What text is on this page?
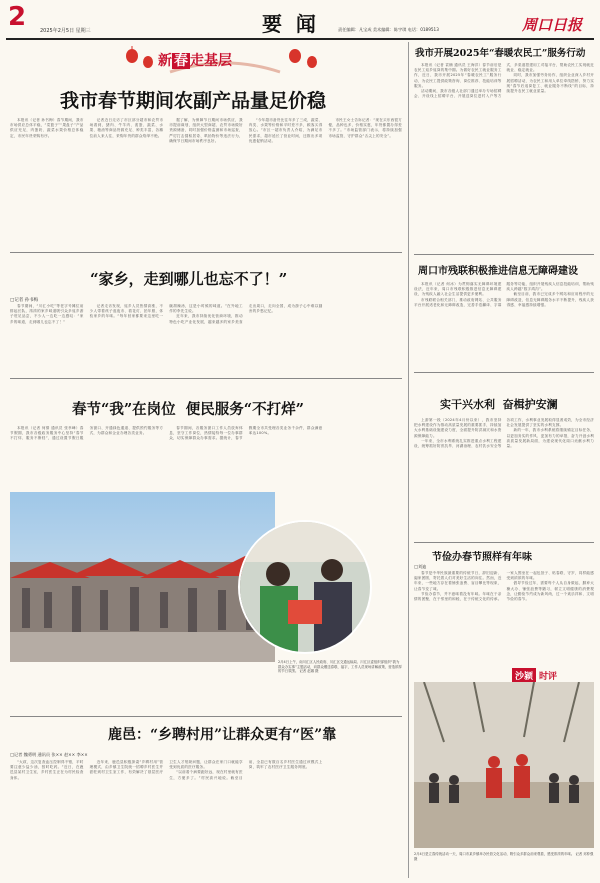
2	2025年2月5日 星期三	要  闻	责任编辑：凡宝成 美术编辑：陈宇琪 电话：0189513	周口日报
新 春 走基层
我市春节期间农副产品量足价稳

本报讯（记者 孙书梅）春节期间，我市市场供应总体平稳，“菜篮子”“果盘子”产品供应充足，肉蛋奶、蔬菜水果价格总体稳定，市民年货采购有序。

记者近日走访了市区部分超市和农贸市场看到，猪肉、牛羊肉、禽蛋、蔬菜、水果、粮油等商品货源充足、种类丰富，各摊位前人来人往，采购年货的群众络绎不绝。

据了解，为保障节日期间市场供应，我市提前谋划，组织大型商超、农贸市场做好货源储备，同时加强价格监测和市场巡查，严厉打击囤积居奇、哄抬物价等违法行为，确保节日期间市场秩序良好。

“今年超市备货比往年多了三成，蔬菜、肉类、水果等价格和平时差不多，顾客买得放心。”市区一超市负责人介绍，为满足市民需求，超市延长了营业时间，还推出多项优惠促销活动。

市民王女士告诉记者：“现在买东西很方便，品种也多，价格实惠，年货都置办得差不多了。”市场监管部门表示，将持续加强市场监管，守护群众“舌尖上的安全”。

“家乡，走到哪儿也忘不了！”
□记者 孙书梅

春节期间，“川汇小吃”等老字号摊位前排起长队，浓浓的家乡味道吸引众多返乡游子驻足品尝，不少人一边吃一边感叹：“家乡的味道，走到哪儿也忘不了！”

记者走访发现，返乡人员热情高涨，不少人带着孩子逛夜市、看花灯、拍年照，体验家乡的年味。“每年回家都要来这里吃一碗胡辣汤，这是小时候的味道。”在外地工作的李先生说。

近年来，我市持续优化营商环境，推动特色小吃产业化发展，越来越多的家乡美食走出周口，走向全国，成为游子心中难以割舍的乡愁记忆。

春节“我”在岗位  便民服务“不打烊”

本报讯（记者 何倩 通讯员 张孝峰）春节假期，我市各级政务服务中心坚持“春节不打烊、服务不断档”，通过设置节假日服务窗口、开通绿色通道、提供预约服务等方式，为群众和企业办理各类业务。

春节期间，各服务窗口工作人员放弃休息，坚守工作岗位，热情接待每一位办事群众，切实保障群众办事需求。据统计，春节假期全市共受理各类业务千余件，群众满意率达100%。

2月4日上午，南川汇区人民政府、川汇区交通运输局、川汇区委组织部组织“我为群众办实事”主题活动，向群众赠送春联、福字，工作人员现场讲解政策，营造浓厚的节日氛围。 记者 赵娜 摄
鹿邑：“乡聘村用”让群众更有“医”靠
□记者 魏勇明 通讯员 张×× 赵×× 李××

“大叔，这次复查血压控制得不错，平时要注意少盐少油，按时吃药。”近日，在鹿邑县某村卫生室，乡村医生正在为村民检查身体。

近年来，鹿邑县积极探索“乡聘村用”管理模式，由乡镇卫生院统一招聘乡村医生并派驻到村卫生室工作，有效解决了基层医疗卫生人才短缺问题，让群众在家门口就能享受到优质的医疗服务。

“以前看个病要跑好远，现在村里就有医生，方便多了。”村民高兴地说。截至目前，全县已有数百名乡村医生通过该模式上岗，筑牢了农村医疗卫生服务网底。

我市开展2025年“春暖农民工”服务行动

本报讯（记者 袁楠 通讯员 王海洋）春节前后是农民工返乡返岗的集中期。为做好农民工就业服务工作，近日，我市开展2025年“春暖农民工”服务行动，为农民工提供政策咨询、岗位推荐、技能培训等服务。

活动期间，我市各级人社部门通过举办专场招聘会、开设线上招聘平台、开展送岗位进村入户等方式，多渠道搭建用工对接平台，帮助农民工实现就近就业、稳定就业。

同时，我市加强劳务协作，组织企业深入乡村开展招聘活动，为农民工和用人单位牵线搭桥，努力实现“春节后返岗复工、就业服务不断线”的目标，持续提升农民工就业质量。

周口市残联积极推进信息无障碍建设

本报讯（记者 何冰）为贯彻落实无障碍环境建设法，近年来，周口市残联积极推进信息无障碍建设，为残疾人融入社会生活提供更多便利。

市残联联合相关部门，推动政府网站、公共服务平台开展适老化和无障碍改造，完善手语翻译、字幕服务等功能，组织开展残疾人信息技能培训，帮助残疾人跨越“数字鸿沟”。

截至目前，我市已完成多个网站和应用程序的无障碍改造，信息无障碍服务水平不断提升，残疾人获得感、幸福感持续增强。

实干兴水利  奋楫护安澜

上游第一段（2024年4月份以来），我市坚持把水利建设作为推动高质量发展的重要抓手，持续加大水利基础设施建设力度，全面提升防洪减灾和水资源保障能力。

一年来，全市水利系统扎实推进重点水利工程建设，统筹抓好防汛抗旱、河湖治理、农村饮水安全等各项工作，水利事业发展取得显著成效，为全市经济社会发展提供了坚实的水利支撑。

新的一年，我市水利系统将继续锚定目标任务，以更加务实的作风、更加有力的举措，奋力开创水利高质量发展新局面，为建设现代化周口贡献水利力量。

节俭办春节照样有年味
□刘迪

春节是中华民族最重要的传统节日，辞旧迎新、阖家团圆，寄托着人们对美好生活的向往。然而，近年来，一些地方存在着铺张浪费、盲目攀比等现象，让春节变了味。

节俭办春节，并不意味着没有年味。年味在于亲情的团聚，在于邻里的和睦，在于传统文化的传承。一家人围坐在一起包饺子、贴春联、守岁，同样能感受到浓浓的年味。

倡导节俭过年，需要每个人从自身做起，摒弃大操大办、铺张浪费等陋习，树立文明健康的消费观念，让勤俭节约成为新风尚，过一个欢乐祥和、文明节俭的春节。

沙颍 时评
2月4日是立春传统活动一天，周口市某乡镇举办民俗文化活动，吸引众多群众前来观看，感受浓浓的年味。 记者 邓仲强 摄
